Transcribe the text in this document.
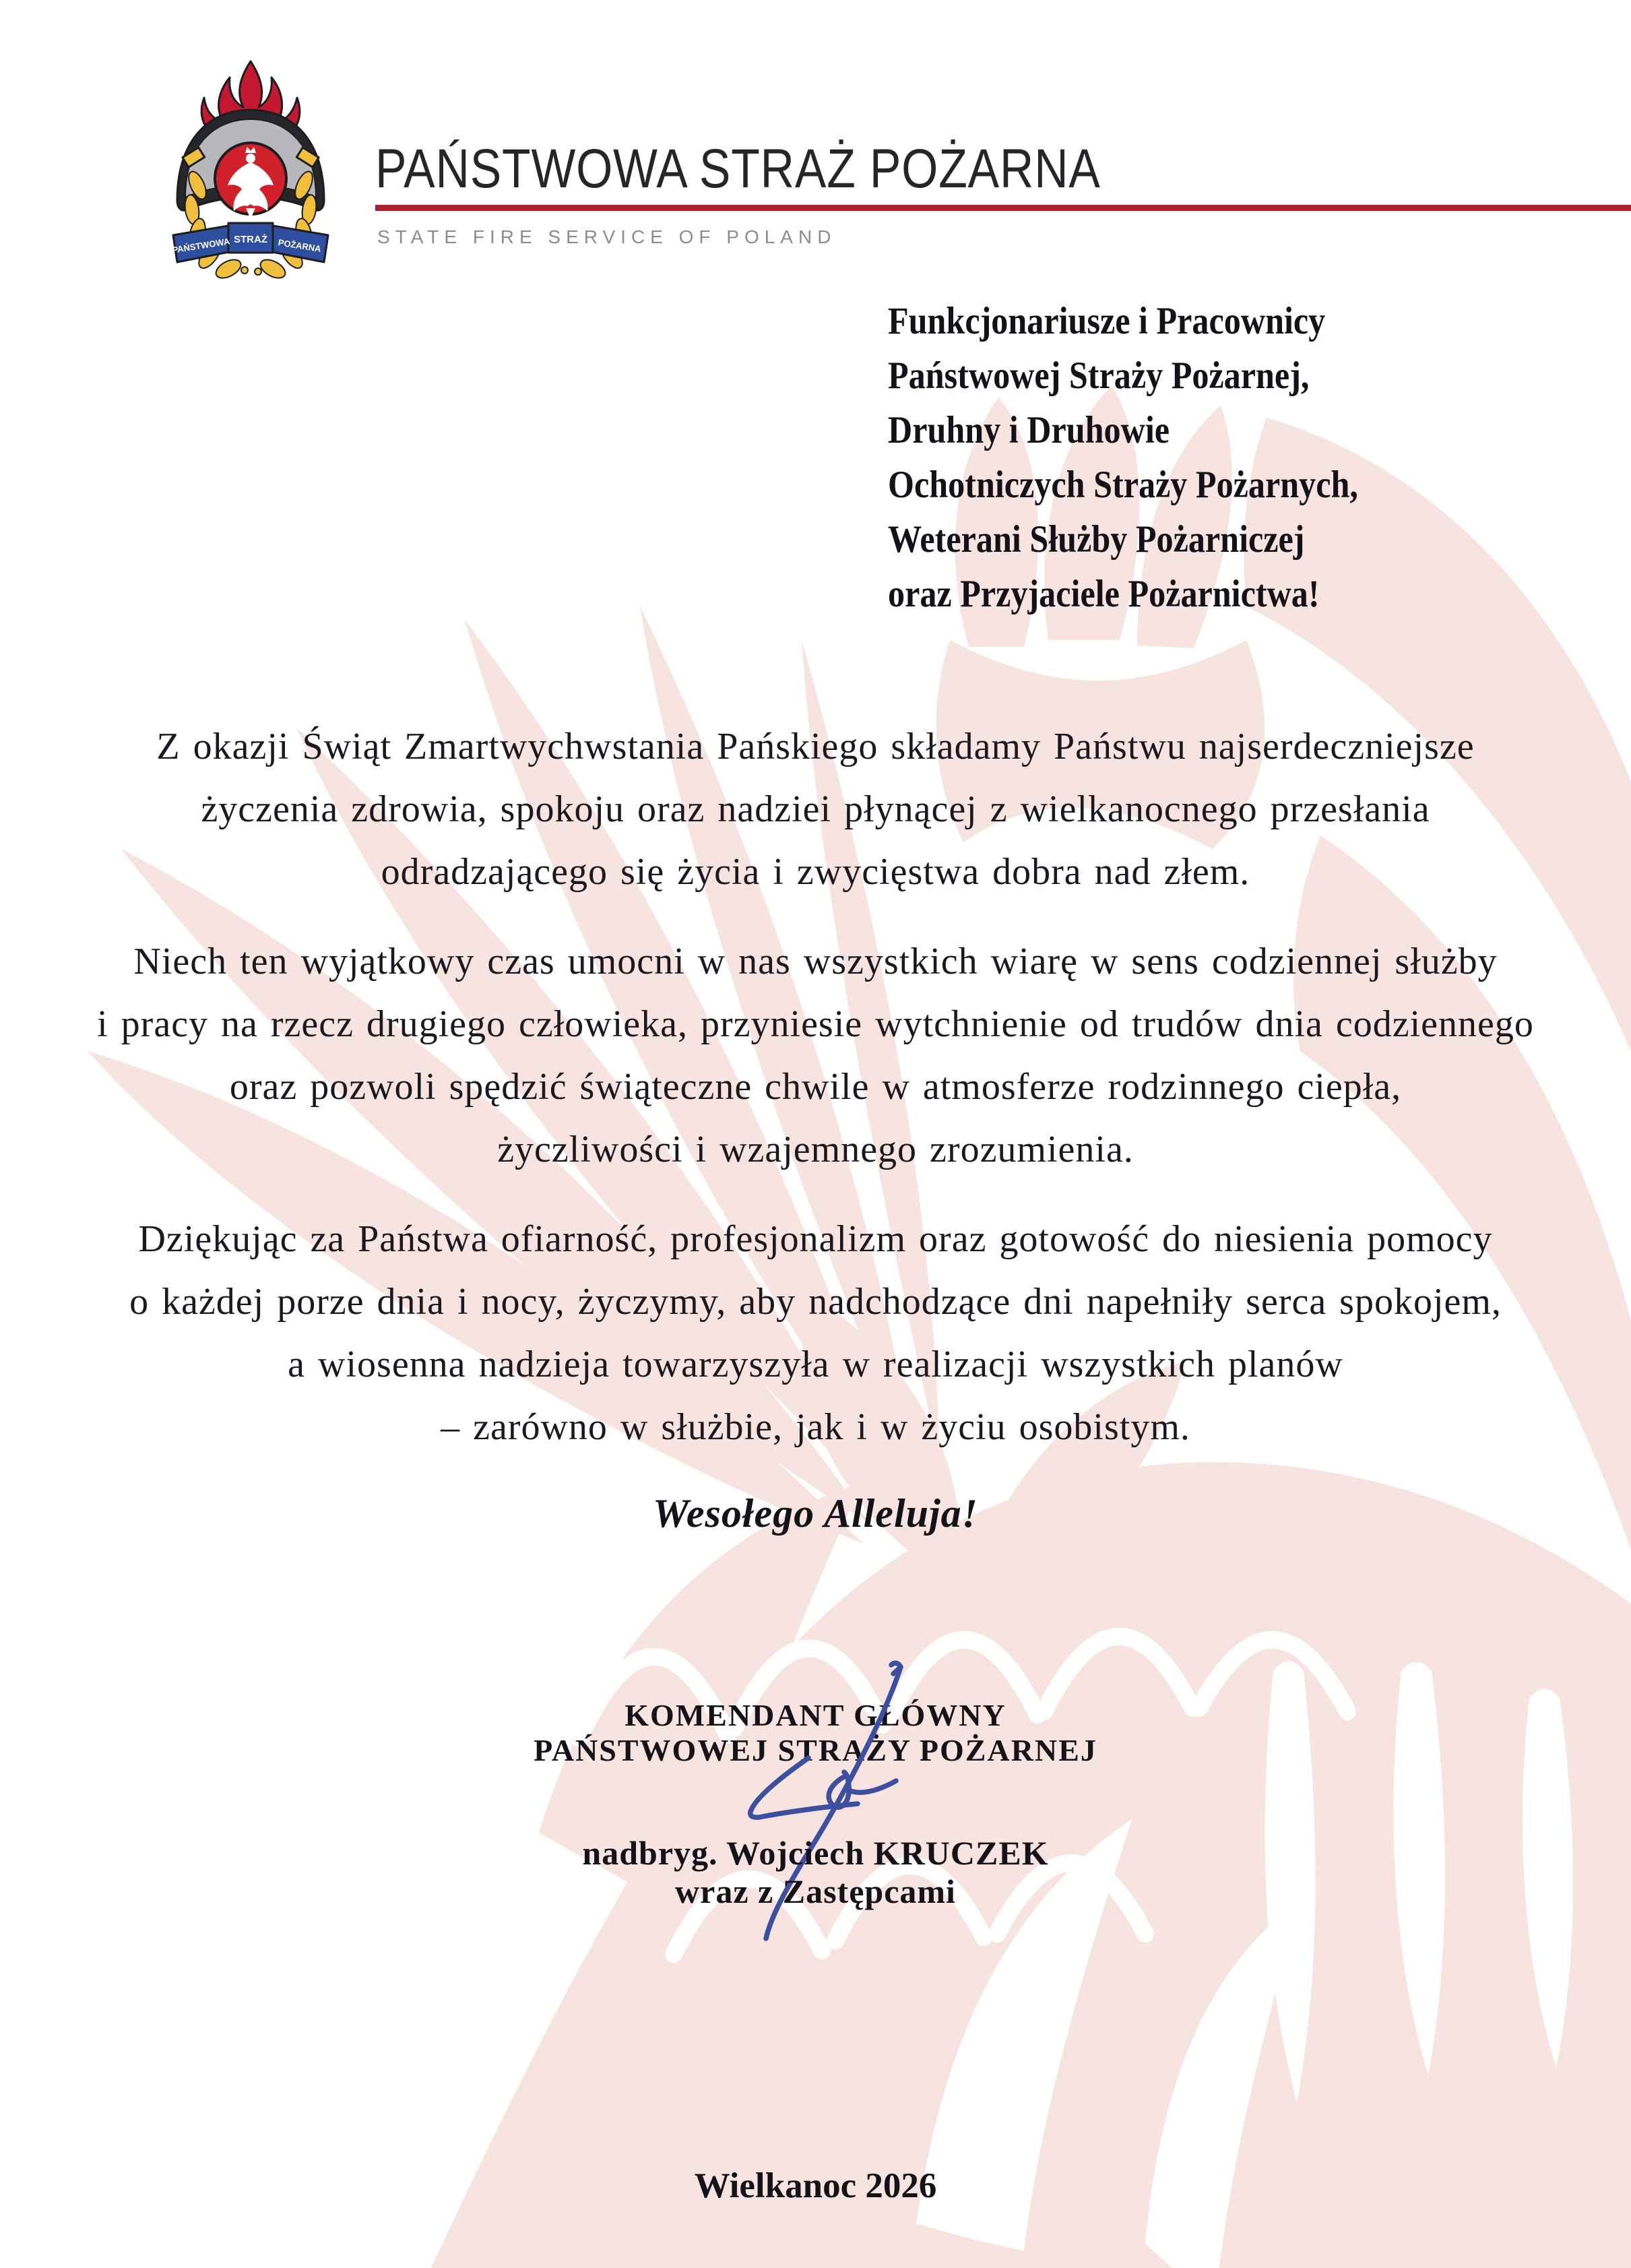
PAŃSTWOWA STRAŻ POŻARNA
PAŃSTWOWA STRAŻ POŻARNA
STATE FIRE SERVICE OF POLAND
Funkcjonariusze i Pracownicy
Państwowej Straży Pożarnej,
Druhny i Druhowie
Ochotniczych Straży Pożarnych,
Weterani Służby Pożarniczej
oraz Przyjaciele Pożarnictwa!
Z okazji Świąt Zmartwychwstania Pańskiego składamy Państwu najserdeczniejsze
życzenia zdrowia, spokoju oraz nadziei płynącej z wielkanocnego przesłania
odradzającego się życia i zwycięstwa dobra nad złem.
Niech ten wyjątkowy czas umocni w nas wszystkich wiarę w sens codziennej służby
i pracy na rzecz drugiego człowieka, przyniesie wytchnienie od trudów dnia codziennego
oraz pozwoli spędzić świąteczne chwile w atmosferze rodzinnego ciepła,
życzliwości i wzajemnego zrozumienia.
Dziękując za Państwa ofiarność, profesjonalizm oraz gotowość do niesienia pomocy
o każdej porze dnia i nocy, życzymy, aby nadchodzące dni napełniły serca spokojem,
a wiosenna nadzieja towarzyszyła w realizacji wszystkich planów
– zarówno w służbie, jak i w życiu osobistym.
Wesołego Alleluja!
KOMENDANT GŁÓWNY
PAŃSTWOWEJ STRAŻY POŻARNEJ
nadbryg. Wojciech KRUCZEK
wraz z Zastępcami
Wielkanoc 2026
